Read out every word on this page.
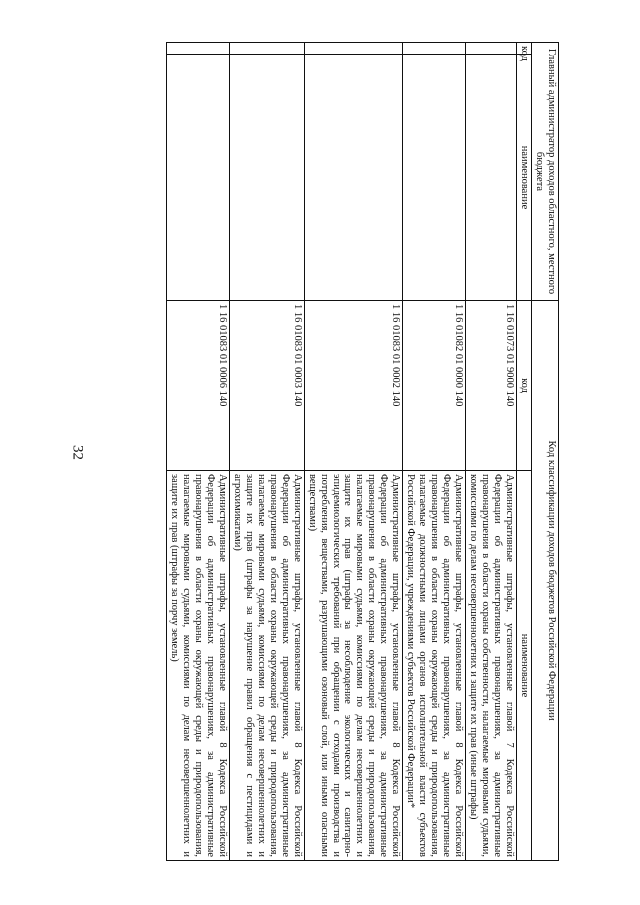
32
Главный администратор доходов областного, местного бюджета		Код классификации доходов бюджетов Российской Федерации	
код	наименование	код	наименование
		1 16 01073 01 9000 140	Административные штрафы, установленные главой 7 Кодекса Российской Федерации об административных правонарушениях, за административные правонарушения в области охраны собственности, налагаемые мировыми судьями, комиссиями по делам несовершеннолетних и защите их прав (иные штрафы)
		1 16 01082 01 0000 140	Административные штрафы, установленные главой 8 Кодекса Российской Федерации об административных правонарушениях, за административные правонарушения в области охраны окружающей среды и природопользования, налагаемые должностными лицами органов исполнительной власти субъектов Российской Федерации, учреждениями субъектов Российской Федерации*
		1 16 01083 01 0002 140	Административные штрафы, установленные главой 8 Кодекса Российской Федерации об административных правонарушениях, за административные правонарушения в области охраны окружающей среды и природопользования, налагаемые мировыми судьями, комиссиями по делам несовершеннолетних и защите их прав (штрафы за несоблюдение экологических и санитарно-эпидемиологических требований при обращении с отходами производства и потребления, веществами, разрушающими озоновый слой, или иными опасными веществами)
		1 16 01083 01 0003 140	Административные штрафы, установленные главой 8 Кодекса Российской Федерации об административных правонарушениях, за административные правонарушения в области охраны окружающей среды и природопользования, налагаемые мировыми судьями, комиссиями по делам несовершеннолетних и защите их прав (штрафы за нарушение правил обращения с пестицидами и агрохимикатами)
		1 16 01083 01 0006 140	Административные штрафы, установленные главой 8 Кодекса Российской Федерации об административных правонарушениях, за административные правонарушения в области охраны окружающей среды и природопользования, налагаемые мировыми судьями, комиссиями по делам несовершеннолетних и защите их прав (штрафы за порчу земель)
